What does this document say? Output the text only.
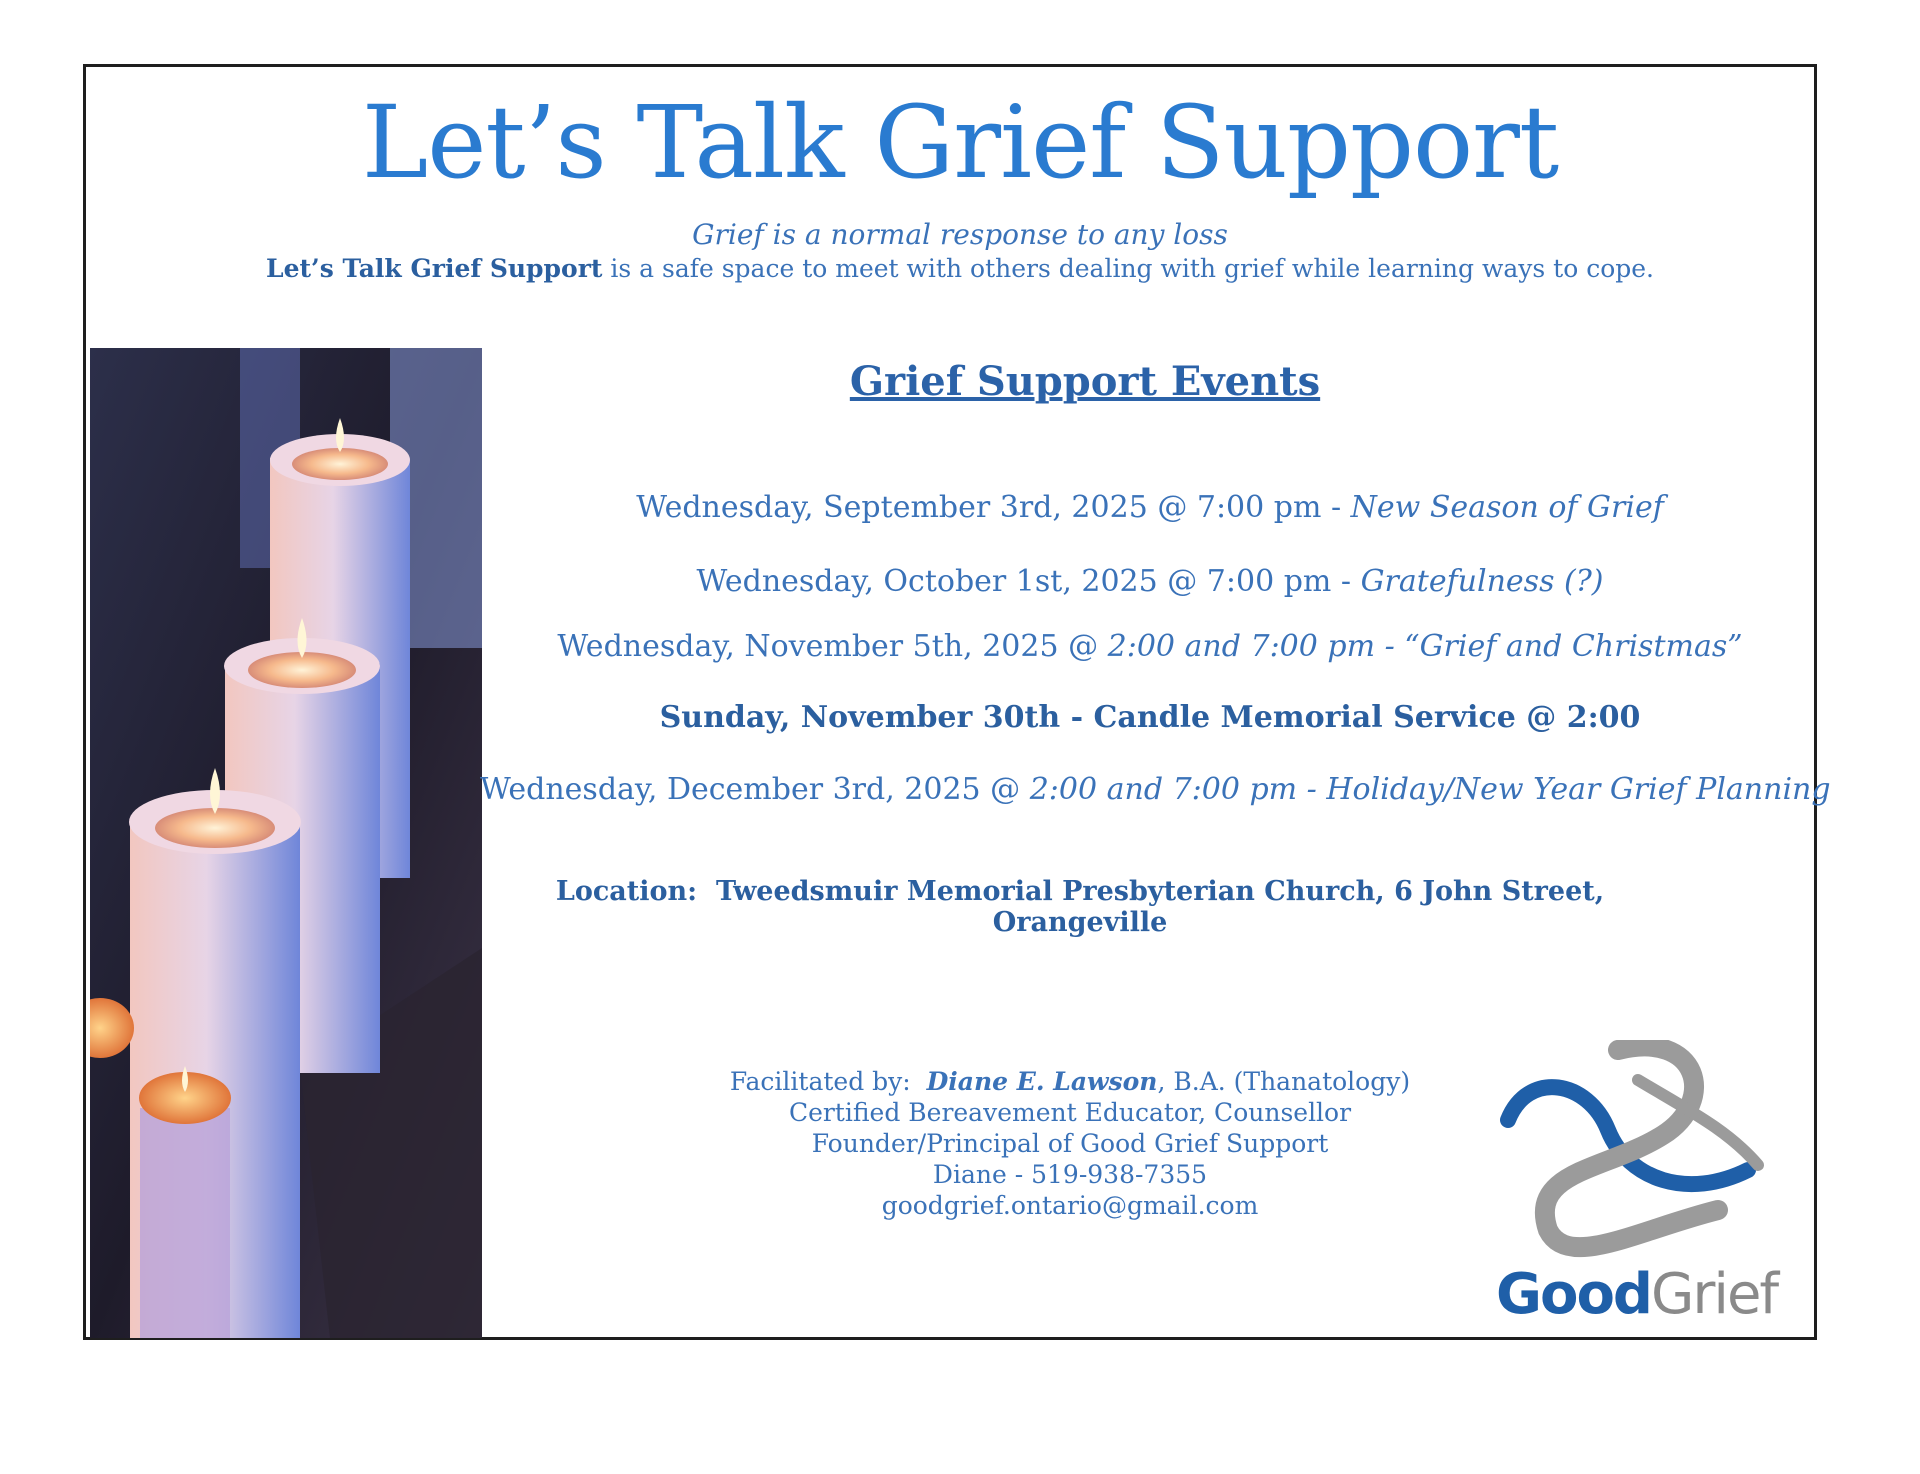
Let’s Talk Grief Support
Grief is a normal response to any loss
Let’s Talk Grief Support is a safe space to meet with others dealing with grief while learning ways to cope.
Grief Support Events
Wednesday, September 3rd, 2025 @ 7:00 pm - New Season of Grief
Wednesday, October 1st, 2025 @ 7:00 pm - Gratefulness (?)
Wednesday, November 5th, 2025 @ 2:00 and 7:00 pm - “Grief and Christmas”
Sunday, November 30th - Candle Memorial Service @ 2:00
Wednesday, December 3rd, 2025 @ 2:00 and 7:00 pm - Holiday/New Year Grief Planning
Location: Tweedsmuir Memorial Presbyterian Church, 6 John Street, Orangeville
Facilitated by: Diane E. Lawson, B.A. (Thanatology)
Certified Bereavement Educator, Counsellor
Founder/Principal of Good Grief Support
Diane - 519-938-7355
goodgrief.ontario@gmail.com
GoodGrief
